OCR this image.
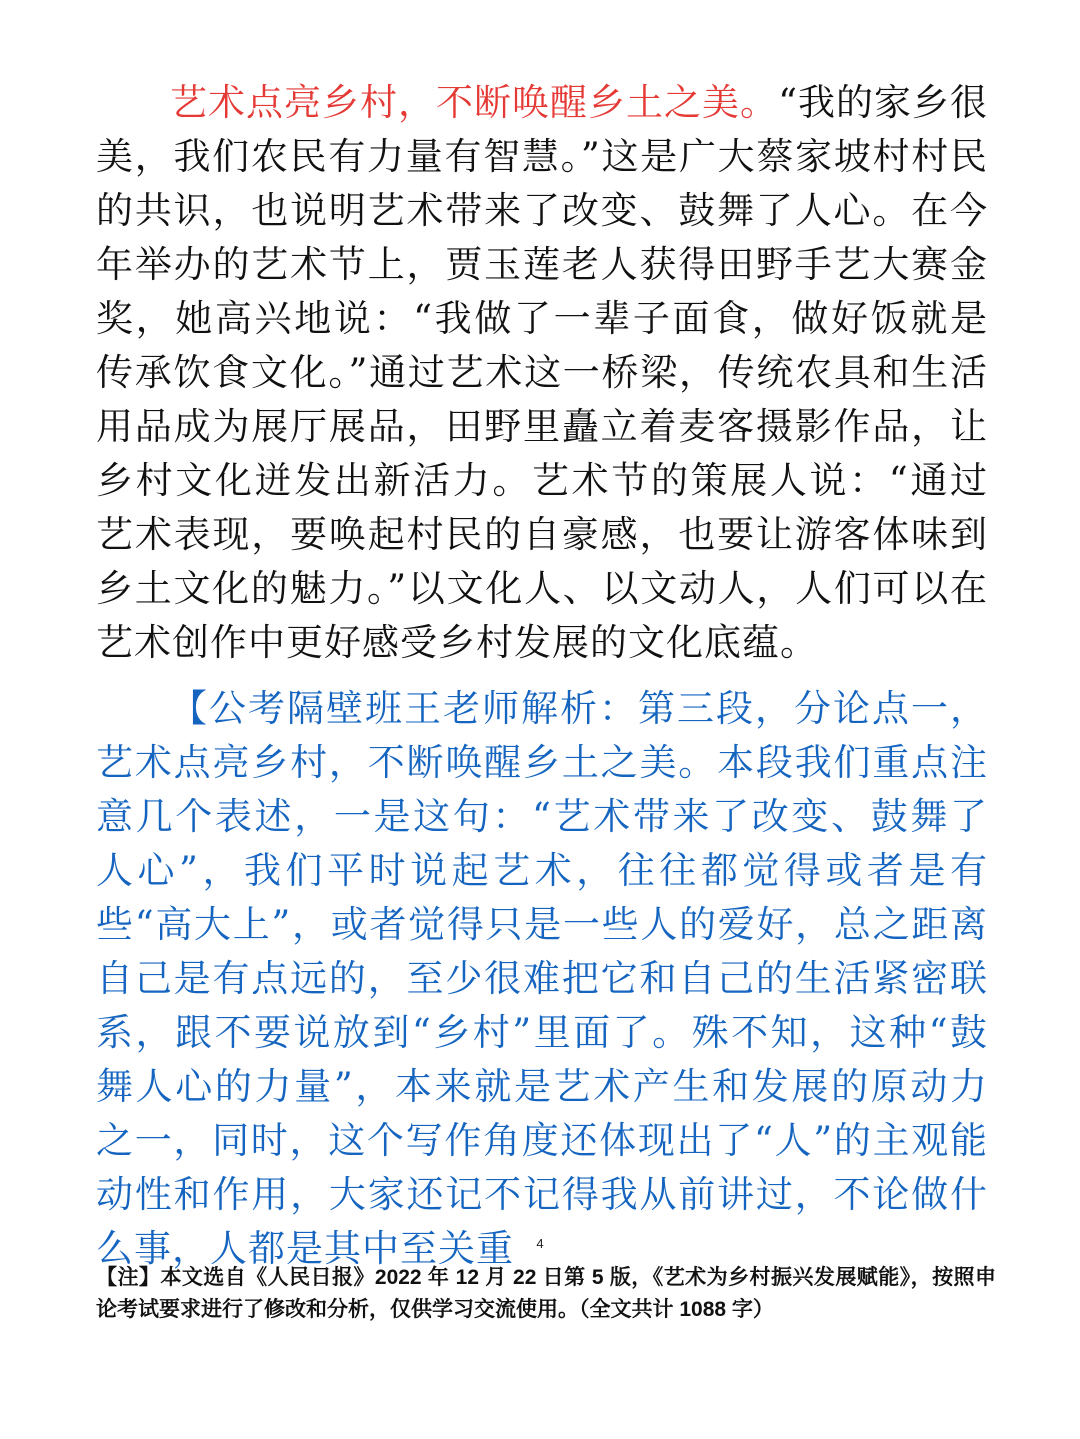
艺术点亮乡村，不断唤醒乡土之美。“我的家乡很美，我们农民有力量有智慧。”这是广大蔡家坡村村民的共识，也说明艺术带来了改变、鼓舞了人心。在今年举办的艺术节上，贾玉莲老人获得田野手艺大赛金奖，她高兴地说：“我做了一辈子面食，做好饭就是传承饮食文化。”通过艺术这一桥梁，传统农具和生活用品成为展厅展品，田野里矗立着麦客摄影作品，让乡村文化迸发出新活力。艺术节的策展人说：“通过艺术表现，要唤起村民的自豪感，也要让游客体味到乡土文化的魅力。”以文化人、以文动人，人们可以在艺术创作中更好感受乡村发展的文化底蕴。

【公考隔壁班王老师解析：第三段，分论点一，艺术点亮乡村，不断唤醒乡土之美。本段我们重点注意几个表述，一是这句：“艺术带来了改变、鼓舞了人心”，我们平时说起艺术，往往都觉得或者是有些“高大上”，或者觉得只是一些人的爱好，总之距离自己是有点远的，至少很难把它和自己的生活紧密联系，跟不要说放到“乡村”里面了。殊不知，这种“鼓舞人心的力量”，本来就是艺术产生和发展的原动力之一，同时，这个写作角度还体现出了“人”的主观能动性和作用，大家还记不记得我从前讲过，不论做什么事，人都是其中至关重	4

【注】本文选自《人民日报》2022 年 12 月 22 日第 5 版，《艺术为乡村振兴发展赋能》，按照申论考试要求进行了修改和分析，仅供学习交流使用。（全文共计 1088 字）
